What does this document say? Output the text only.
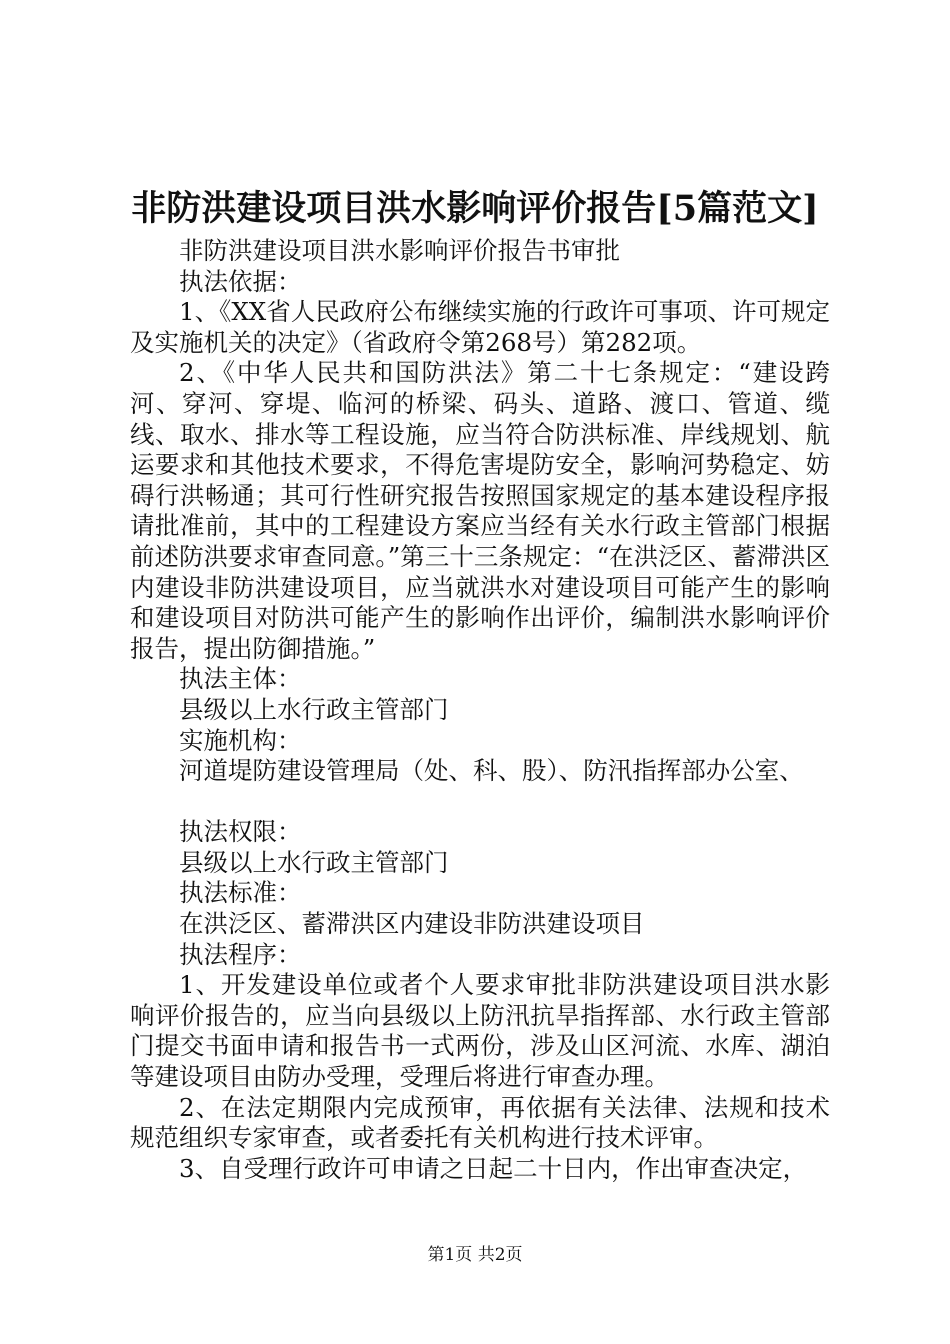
非防洪建设项目洪水影响评价报告[5篇范文]

非防洪建设项目洪水影响评价报告书审批

执法依据：

1、《XX省人民政府公布继续实施的行政许可事项、许可规定及实施机关的决定》（省政府令第268号）第282项。

2、《中华人民共和国防洪法》第二十七条规定：“建设跨河、穿河、穿堤、临河的桥梁、码头、道路、渡口、管道、缆线、取水、排水等工程设施，应当符合防洪标准、岸线规划、航运要求和其他技术要求，不得危害堤防安全，影响河势稳定、妨碍行洪畅通；其可行性研究报告按照国家规定的基本建设程序报请批准前，其中的工程建设方案应当经有关水行政主管部门根据前述防洪要求审查同意。”第三十三条规定：“在洪泛区、蓄滞洪区内建设非防洪建设项目，应当就洪水对建设项目可能产生的影响和建设项目对防洪可能产生的影响作出评价，编制洪水影响评价报告，提出防御措施。”

执法主体：

县级以上水行政主管部门

实施机构：

河道堤防建设管理局（处、科、股）、防汛指挥部办公室、

执法权限：

县级以上水行政主管部门

执法标准：

在洪泛区、蓄滞洪区内建设非防洪建设项目

执法程序：

1、开发建设单位或者个人要求审批非防洪建设项目洪水影响评价报告的，应当向县级以上防汛抗旱指挥部、水行政主管部门提交书面申请和报告书一式两份，涉及山区河流、水库、湖泊等建设项目由防办受理，受理后将进行审查办理。

2、在法定期限内完成预审，再依据有关法律、法规和技术规范组织专家审查，或者委托有关机构进行技术评审。

3、自受理行政许可申请之日起二十日内，作出审查决定，

第1页 共2页
